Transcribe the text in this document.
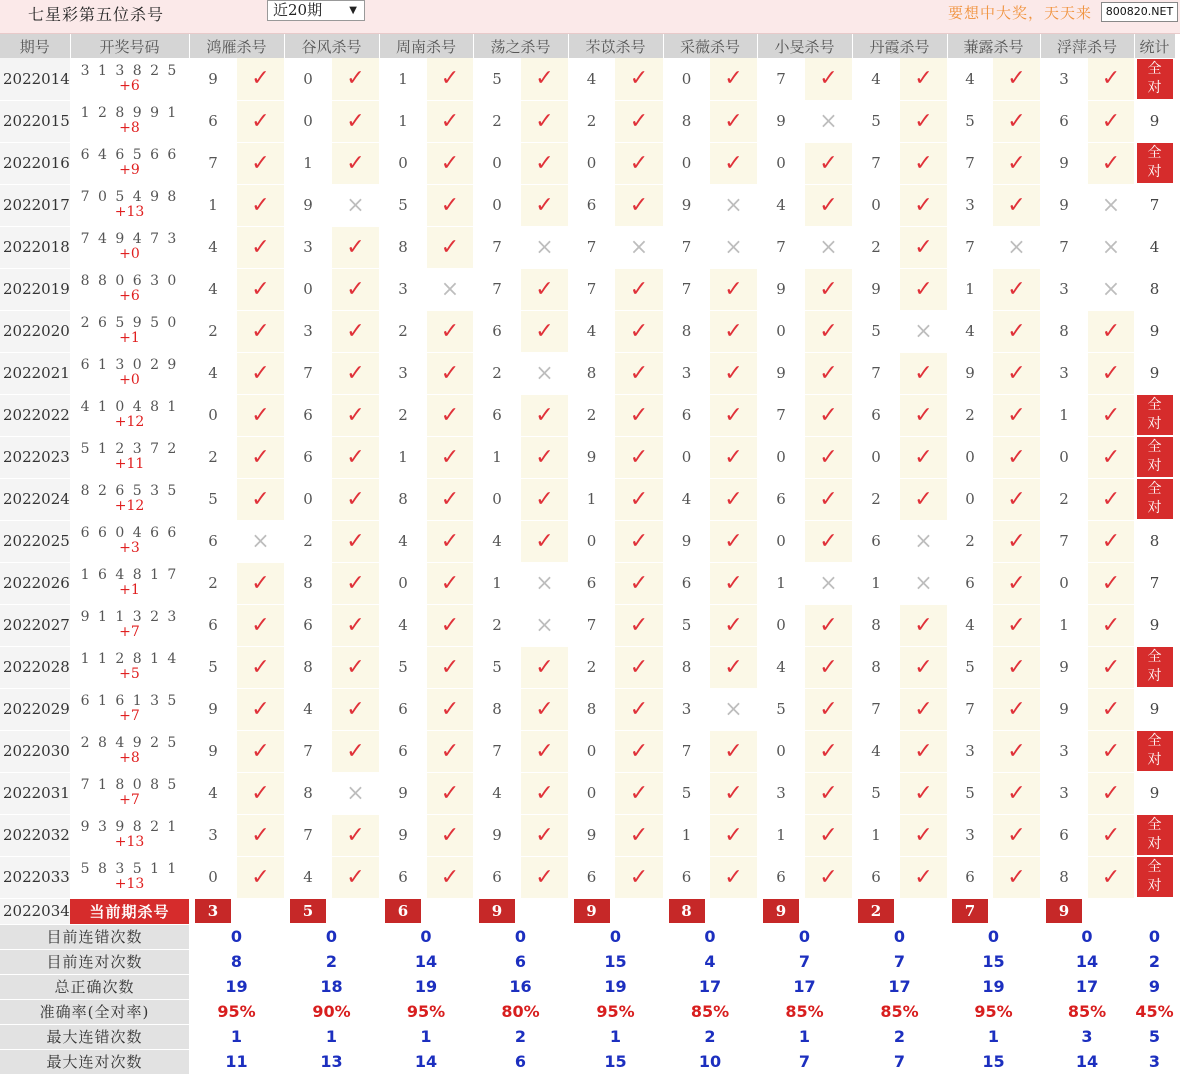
七星彩第五位杀号	近20期	▼	要想中大奖，天天来	800820.NET
期号	开奖号码	鸿雁杀号		谷风杀号		周南杀号		荡之杀号		芣苡杀号		采薇杀号		小旻杀号		丹霞杀号		蒹露杀号		浮萍杀号		统计
2022014	3 1 3 8 2 5
+6	9	✓	0	✓	1	✓	5	✓	4	✓	0	✓	7	✓	4	✓	4	✓	3	✓	全
对
2022015	1 2 8 9 9 1
+8	6	✓	0	✓	1	✓	2	✓	2	✓	8	✓	9	×	5	✓	5	✓	6	✓	9
2022016	6 4 6 5 6 6
+9	7	✓	1	✓	0	✓	0	✓	0	✓	0	✓	0	✓	7	✓	7	✓	9	✓	全
对
2022017	7 0 5 4 9 8
+13	1	✓	9	×	5	✓	0	✓	6	✓	9	×	4	✓	0	✓	3	✓	9	×	7
2022018	7 4 9 4 7 3
+0	4	✓	3	✓	8	✓	7	×	7	×	7	×	7	×	2	✓	7	×	7	×	4
2022019	8 8 0 6 3 0
+6	4	✓	0	✓	3	×	7	✓	7	✓	7	✓	9	✓	9	✓	1	✓	3	×	8
2022020	2 6 5 9 5 0
+1	2	✓	3	✓	2	✓	6	✓	4	✓	8	✓	0	✓	5	×	4	✓	8	✓	9
2022021	6 1 3 0 2 9
+0	4	✓	7	✓	3	✓	2	×	8	✓	3	✓	9	✓	7	✓	9	✓	3	✓	9
2022022	4 1 0 4 8 1
+12	0	✓	6	✓	2	✓	6	✓	2	✓	6	✓	7	✓	6	✓	2	✓	1	✓	全
对
2022023	5 1 2 3 7 2
+11	2	✓	6	✓	1	✓	1	✓	9	✓	0	✓	0	✓	0	✓	0	✓	0	✓	全
对
2022024	8 2 6 5 3 5
+12	5	✓	0	✓	8	✓	0	✓	1	✓	4	✓	6	✓	2	✓	0	✓	2	✓	全
对
2022025	6 6 0 4 6 6
+3	6	×	2	✓	4	✓	4	✓	0	✓	9	✓	0	✓	6	×	2	✓	7	✓	8
2022026	1 6 4 8 1 7
+1	2	✓	8	✓	0	✓	1	×	6	✓	6	✓	1	×	1	×	6	✓	0	✓	7
2022027	9 1 1 3 2 3
+7	6	✓	6	✓	4	✓	2	×	7	✓	5	✓	0	✓	8	✓	4	✓	1	✓	9
2022028	1 1 2 8 1 4
+5	5	✓	8	✓	5	✓	5	✓	2	✓	8	✓	4	✓	8	✓	5	✓	9	✓	全
对
2022029	6 1 6 1 3 5
+7	9	✓	4	✓	6	✓	8	✓	8	✓	3	×	5	✓	7	✓	7	✓	9	✓	9
2022030	2 8 4 9 2 5
+8	9	✓	7	✓	6	✓	7	✓	0	✓	7	✓	0	✓	4	✓	3	✓	3	✓	全
对
2022031	7 1 8 0 8 5
+7	4	✓	8	×	9	✓	4	✓	0	✓	5	✓	3	✓	5	✓	5	✓	3	✓	9
2022032	9 3 9 8 2 1
+13	3	✓	7	✓	9	✓	9	✓	9	✓	1	✓	1	✓	1	✓	3	✓	6	✓	全
对
2022033	5 8 3 5 1 1
+13	0	✓	4	✓	6	✓	6	✓	6	✓	6	✓	6	✓	6	✓	6	✓	8	✓	全
对
2022034	当前期杀号	3		5		6		9		9		8		9		2		7		9		
目前连错次数		0		0		0		0		0		0		0		0		0		0		0
目前连对次数		8		2		14		6		15		4		7		7		15		14		2
总正确次数		19		18		19		16		19		17		17		17		19		17		9
准确率(全对率)		95%		90%		95%		80%		95%		85%		85%		85%		95%		85%		45%
最大连错次数		1		1		1		2		1		2		1		2		1		3		5
最大连对次数		11		13		14		6		15		10		7		7		15		14		3
